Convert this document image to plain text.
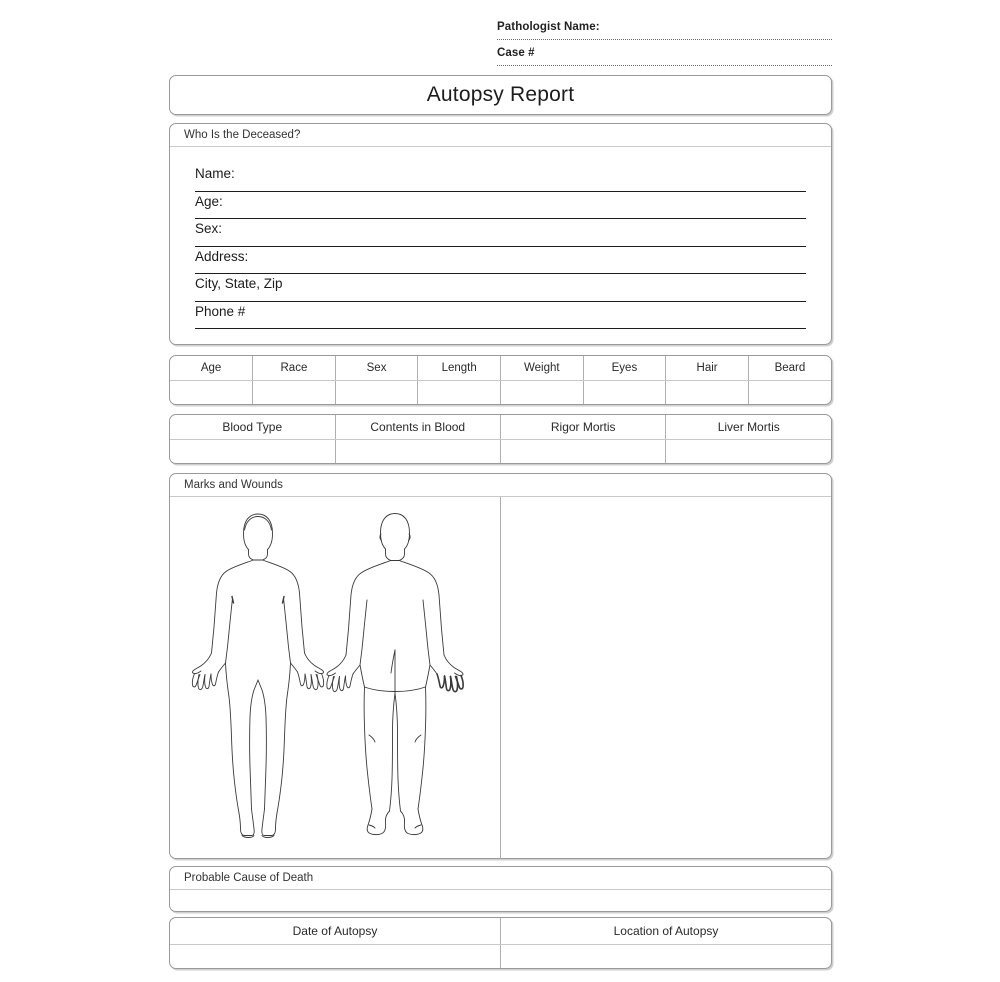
Pathologist Name:
Case #
Autopsy Report
Who Is the Deceased?
Name:
Age:
Sex:
Address:
City, State, Zip
Phone #
Age	Race	Sex	Length	Weight	Eyes	Hair	Beard

Blood Type	Contents in Blood	Rigor Mortis	Liver Mortis

Marks and Wounds
Probable Cause of Death
Date of Autopsy	Location of Autopsy
